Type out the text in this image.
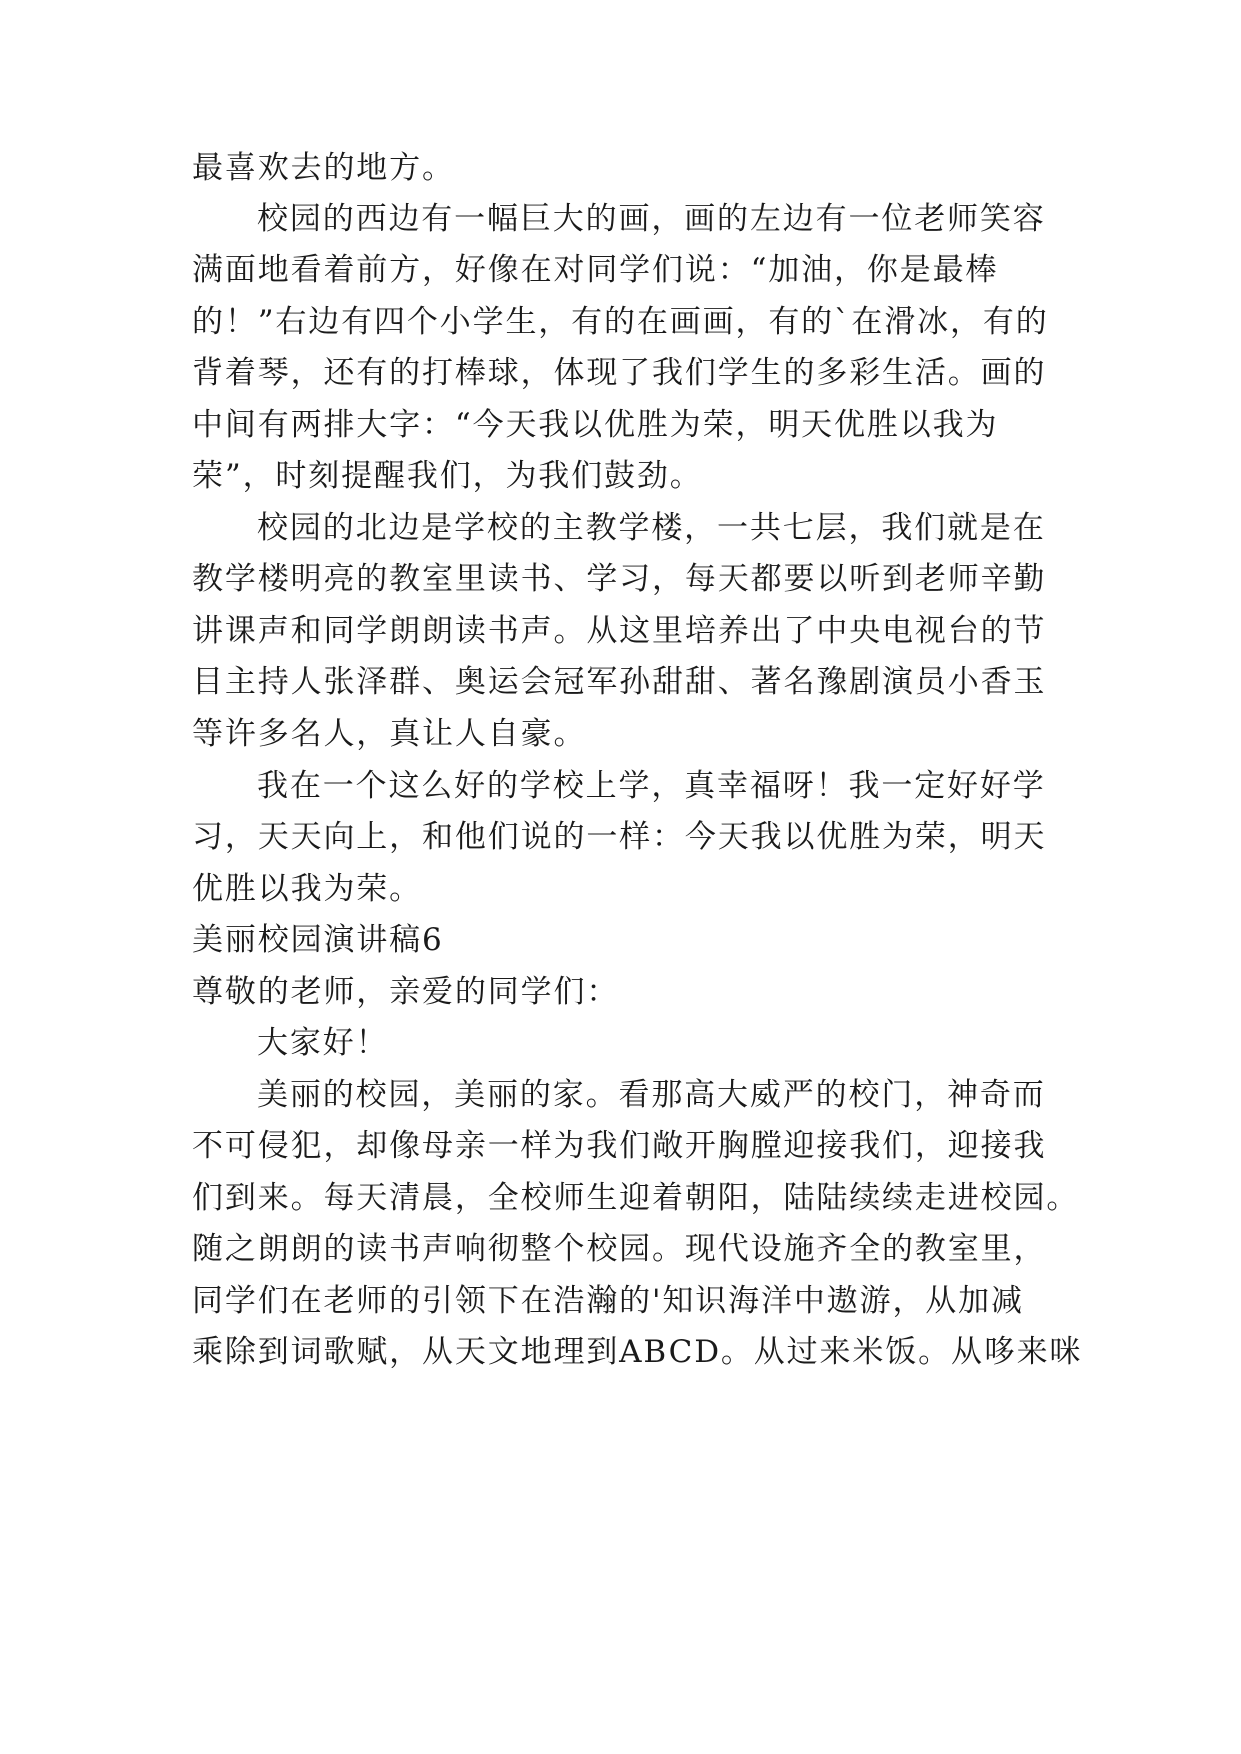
最喜欢去的地方。
校园的西边有一幅巨大的画，画的左边有一位老师笑容
满面地看着前方，好像在对同学们说：“加油，你是最棒
的！”右边有四个小学生，有的在画画，有的`在滑冰，有的
背着琴，还有的打棒球，体现了我们学生的多彩生活。画的
中间有两排大字：“今天我以优胜为荣，明天优胜以我为
荣”，时刻提醒我们，为我们鼓劲。
校园的北边是学校的主教学楼，一共七层，我们就是在
教学楼明亮的教室里读书、学习，每天都要以听到老师辛勤
讲课声和同学朗朗读书声。从这里培养出了中央电视台的节
目主持人张泽群、奥运会冠军孙甜甜、著名豫剧演员小香玉
等许多名人，真让人自豪。
我在一个这么好的学校上学，真幸福呀！我一定好好学
习，天天向上，和他们说的一样：今天我以优胜为荣，明天
优胜以我为荣。
美丽校园演讲稿6
尊敬的老师，亲爱的同学们：
大家好！
美丽的校园，美丽的家。看那高大威严的校门，神奇而
不可侵犯，却像母亲一样为我们敞开胸膛迎接我们，迎接我
们到来。每天清晨，全校师生迎着朝阳，陆陆续续走进校园。
随之朗朗的读书声响彻整个校园。现代设施齐全的教室里，
同学们在老师的引领下在浩瀚的'知识海洋中遨游，从加减
乘除到词歌赋，从天文地理到ABCD。从过来米饭。从哆来咪
